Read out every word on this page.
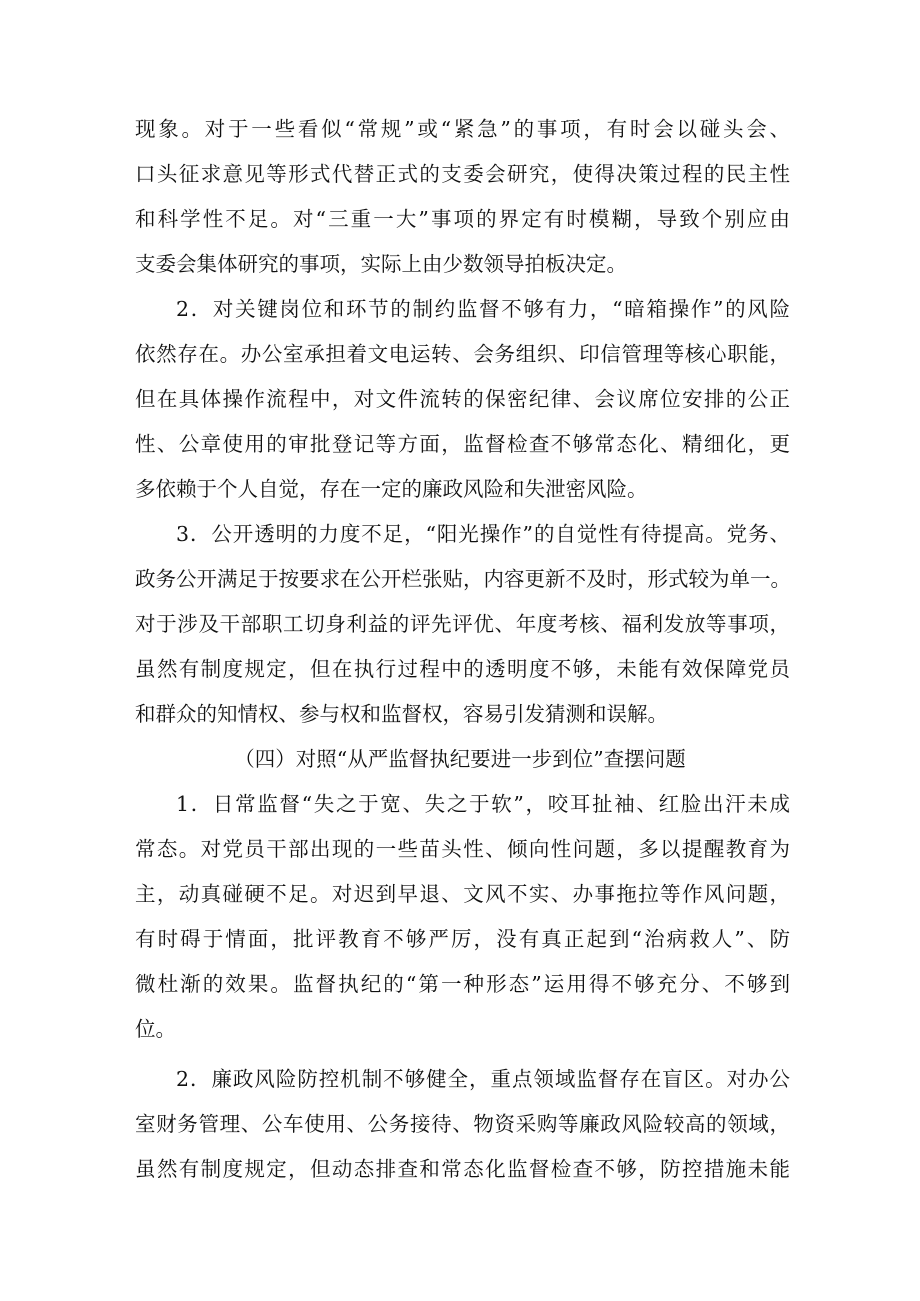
现象。对于一些看似“常规”或“紧急”的事项，有时会以碰头会、
口头征求意见等形式代替正式的支委会研究，使得决策过程的民主性
和科学性不足。对“三重一大”事项的界定有时模糊，导致个别应由
支委会集体研究的事项，实际上由少数领导拍板决定。
2．对关键岗位和环节的制约监督不够有力，“暗箱操作”的风险
依然存在。办公室承担着文电运转、会务组织、印信管理等核心职能，
但在具体操作流程中，对文件流转的保密纪律、会议席位安排的公正
性、公章使用的审批登记等方面，监督检查不够常态化、精细化，更
多依赖于个人自觉，存在一定的廉政风险和失泄密风险。
3．公开透明的力度不足，“阳光操作”的自觉性有待提高。党务、
政务公开满足于按要求在公开栏张贴，内容更新不及时，形式较为单一。
对于涉及干部职工切身利益的评先评优、年度考核、福利发放等事项，
虽然有制度规定，但在执行过程中的透明度不够，未能有效保障党员
和群众的知情权、参与权和监督权，容易引发猜测和误解。
（四）对照“从严监督执纪要进一步到位”查摆问题
1．日常监督“失之于宽、失之于软”，咬耳扯袖、红脸出汗未成
常态。对党员干部出现的一些苗头性、倾向性问题，多以提醒教育为
主，动真碰硬不足。对迟到早退、文风不实、办事拖拉等作风问题，
有时碍于情面，批评教育不够严厉，没有真正起到“治病救人”、防
微杜渐的效果。监督执纪的“第一种形态”运用得不够充分、不够到
位。
2．廉政风险防控机制不够健全，重点领域监督存在盲区。对办公
室财务管理、公车使用、公务接待、物资采购等廉政风险较高的领域，
虽然有制度规定，但动态排查和常态化监督检查不够，防控措施未能
